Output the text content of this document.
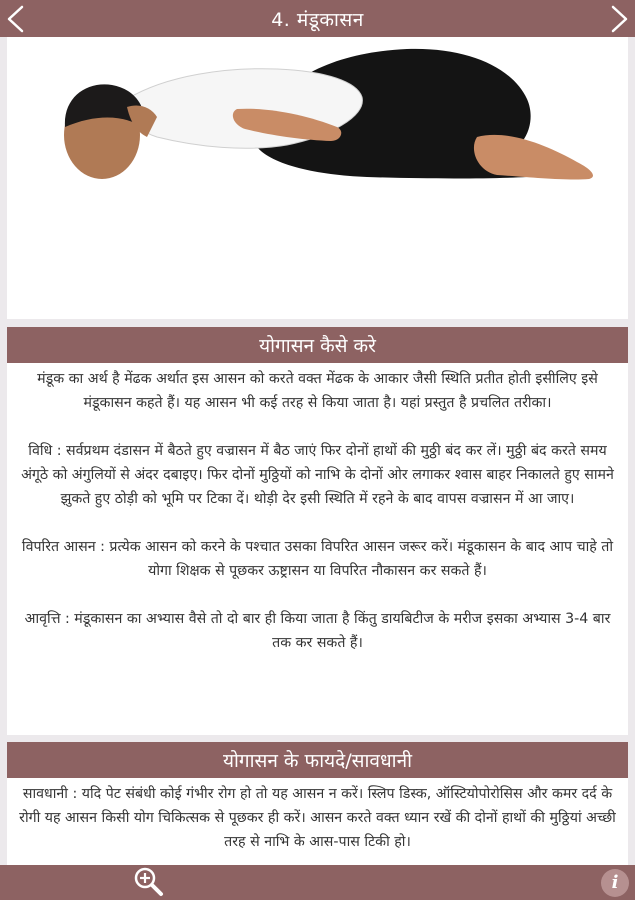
4. मंडूकासन
योगासन कैसे करे

मंडूक का अर्थ है मेंढक अर्थात इस आसन को करते वक्त मेंढक के आकार जैसी स्थिति प्रतीत होती इसीलिए इसे मंडूकासन कहते हैं। यह आसन भी कई तरह से किया जाता है। यहां प्रस्तुत है प्रचलित तरीका।

विधि : सर्वप्रथम दंडासन में बैठते हुए वज्रासन में बैठ जाएं फिर दोनों हाथों की मुठ्ठी बंद कर लें। मुठ्ठी बंद करते समय अंगूठे को अंगुलियों से अंदर दबाइए। फिर दोनों मुठ्ठियों को नाभि के दोनों ओर लगाकर श्वास बाहर निकालते हुए सामने झुकते हुए ठोड़ी को भूमि पर टिका दें। थोड़ी देर इसी स्थिति में रहने के बाद वापस वज्रासन में आ जाए।

विपरित आसन : प्रत्येक आसन को करने के पश्चात उसका विपरित आसन जरूर करें। मंडूकासन के बाद आप चाहे तो योगा शिक्षक से पूछकर ऊष्ट्रासन या विपरित नौकासन कर सकते हैं।

आवृत्ति : मंडूकासन का अभ्यास वैसे तो दो बार ही किया जाता है किंतु डायबिटीज के मरीज इसका अभ्यास 3-4 बार तक कर सकते हैं।

योगासन के फायदे/सावधानी

सावधानी : यदि पेट संबंधी कोई गंभीर रोग हो तो यह आसन न करें। स्लिप डिस्क, ऑस्टियोपोरोसिस और कमर दर्द के रोगी यह आसन किसी योग चिकित्सक से पूछकर ही करें। आसन करते वक्त ध्यान रखें की दोनों हाथों की मुठ्ठियां अच्छी तरह से नाभि के आस-पास टिकी हो।

i
